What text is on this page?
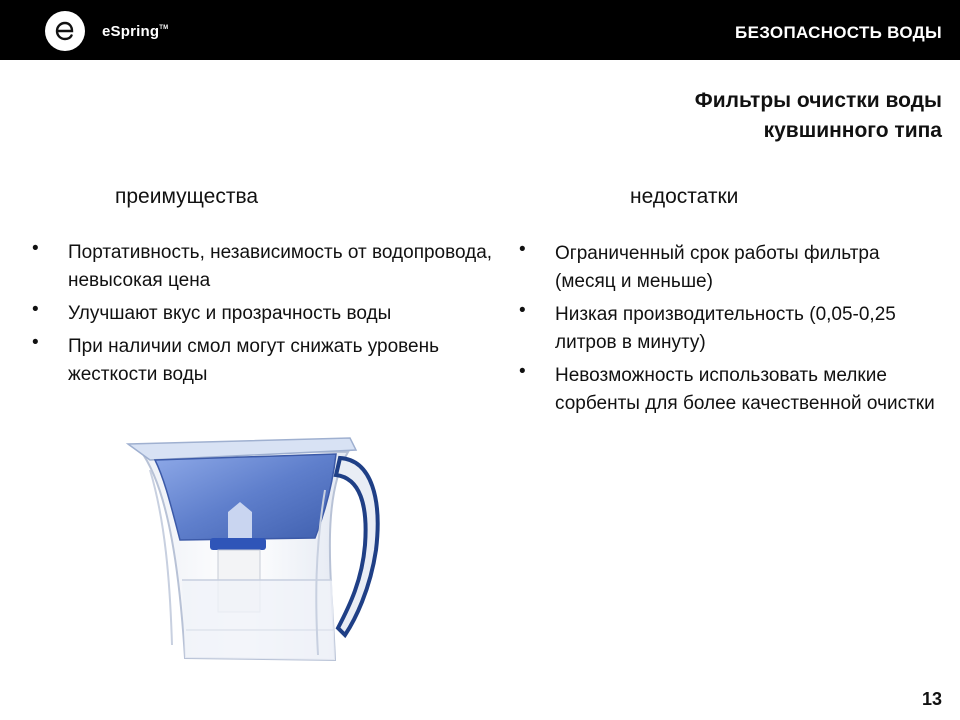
eSpring™	БЕЗОПАСНОСТЬ ВОДЫ
Фильтры очистки воды
кувшинного типа
преимущества	недостатки
• Портативность, независимость от водопровода, невысокая цена
• Улучшают вкус и прозрачность воды
• При наличии смол могут снижать уровень жесткости воды
• Ограниченный срок работы фильтра (месяц и меньше)
• Низкая производительность (0,05-0,25 литров в минуту)
• Невозможность использовать мелкие сорбенты для более качественной очистки
13
